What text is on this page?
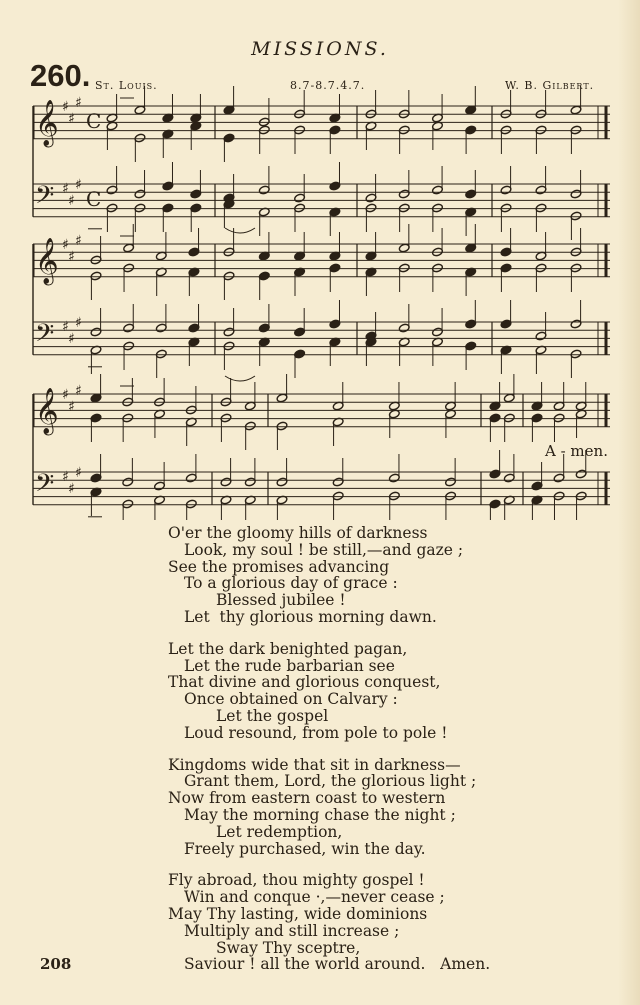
MISSIONS.
260. St. Louis.	8.7-8.7.4.7.	W. B. Gilbert.
𝄞
𝄢
♯
♯
♯
♯
♯
♯
C
C
𝄞
𝄢
♯
♯
♯
♯
♯
♯
𝄞
𝄢
♯
♯
♯
♯
♯
♯
A - men.
O'er the gloomy hills of darkness
Look, my soul ! be still,—and gaze ;
See the promises advancing
To a glorious day of grace :
Blessed jubilee !
Let  thy glorious morning dawn.
Let the dark benighted pagan,
Let the rude barbarian see
That divine and glorious conquest,
Once obtained on Calvary :
Let the gospel
Loud resound, from pole to pole !
Kingdoms wide that sit in darkness—
Grant them, Lord, the glorious light ;
Now from eastern coast to western
May the morning chase the night ;
Let redemption,
Freely purchased, win the day.
Fly abroad, thou mighty gospel !
Win and conque ·,—never cease ;
May Thy lasting, wide dominions
Multiply and still increase ;
Sway Thy sceptre,
Saviour ! all the world around.   Amen.
208
